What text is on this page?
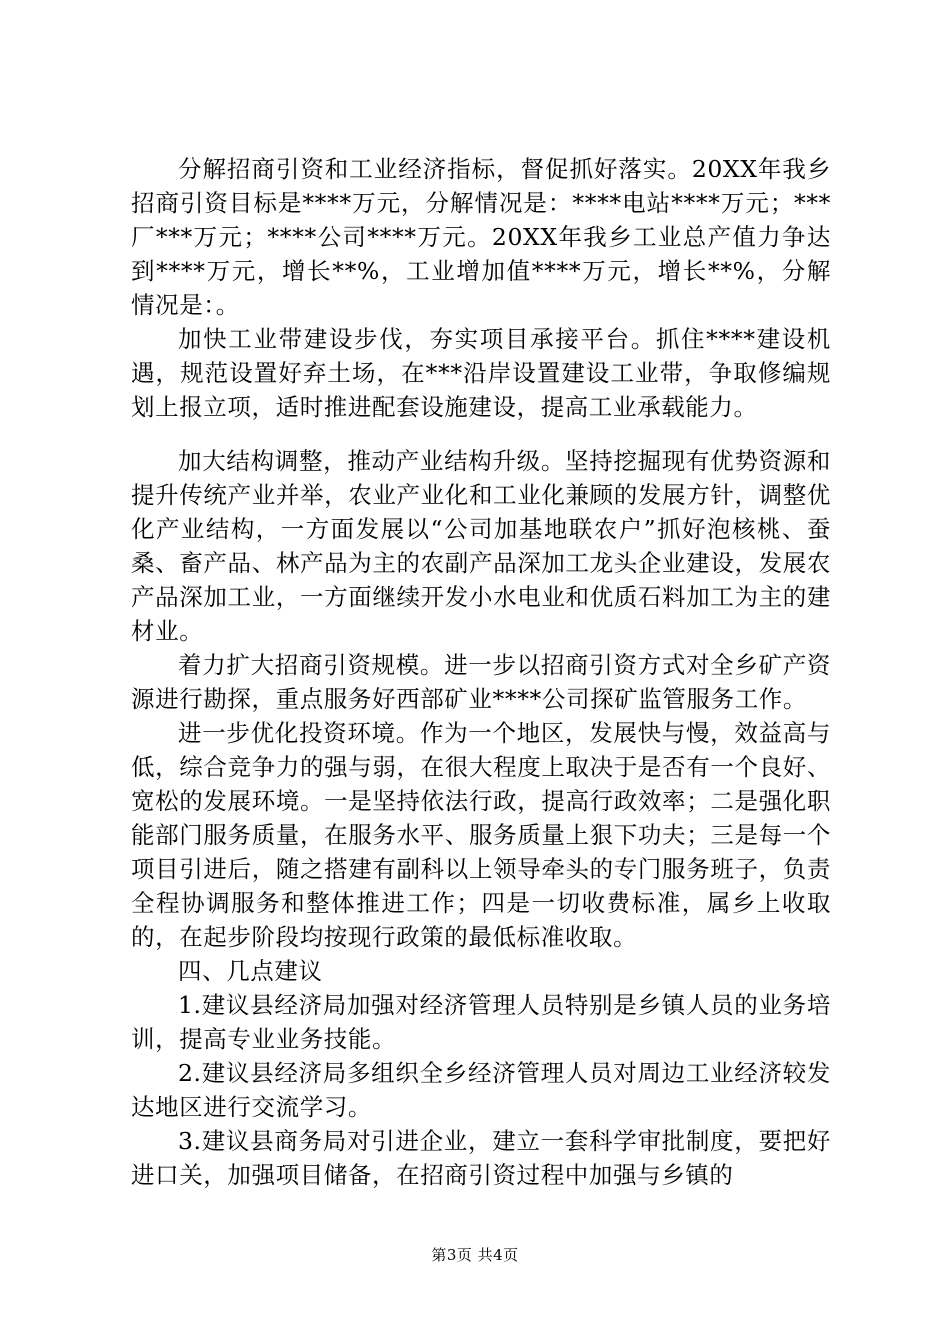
分解招商引资和工业经济指标，督促抓好落实。20XX年我乡招商引资目标是****万元，分解情况是：****电站****万元；***厂***万元；****公司****万元。20XX年我乡工业总产值力争达到****万元，增长**%，工业增加值****万元，增长**%，分解情况是：。

加快工业带建设步伐，夯实项目承接平台。抓住****建设机遇，规范设置好弃土场，在***沿岸设置建设工业带，争取修编规划上报立项，适时推进配套设施建设，提高工业承载能力。

加大结构调整，推动产业结构升级。坚持挖掘现有优势资源和提升传统产业并举，农业产业化和工业化兼顾的发展方针，调整优化产业结构，一方面发展以“公司加基地联农户”抓好泡核桃、蚕桑、畜产品、林产品为主的农副产品深加工龙头企业建设，发展农产品深加工业，一方面继续开发小水电业和优质石料加工为主的建材业。

着力扩大招商引资规模。进一步以招商引资方式对全乡矿产资源进行勘探，重点服务好西部矿业****公司探矿监管服务工作。

进一步优化投资环境。作为一个地区，发展快与慢，效益高与低，综合竞争力的强与弱，在很大程度上取决于是否有一个良好、宽松的发展环境。一是坚持依法行政，提高行政效率；二是强化职能部门服务质量，在服务水平、服务质量上狠下功夫；三是每一个项目引进后，随之搭建有副科以上领导牵头的专门服务班子，负责全程协调服务和整体推进工作；四是一切收费标准，属乡上收取的，在起步阶段均按现行政策的最低标准收取。

四、几点建议

1.建议县经济局加强对经济管理人员特别是乡镇人员的业务培训，提高专业业务技能。

2.建议县经济局多组织全乡经济管理人员对周边工业经济较发达地区进行交流学习。

3.建议县商务局对引进企业，建立一套科学审批制度，要把好进口关，加强项目储备，在招商引资过程中加强与乡镇的

第3页 共4页
